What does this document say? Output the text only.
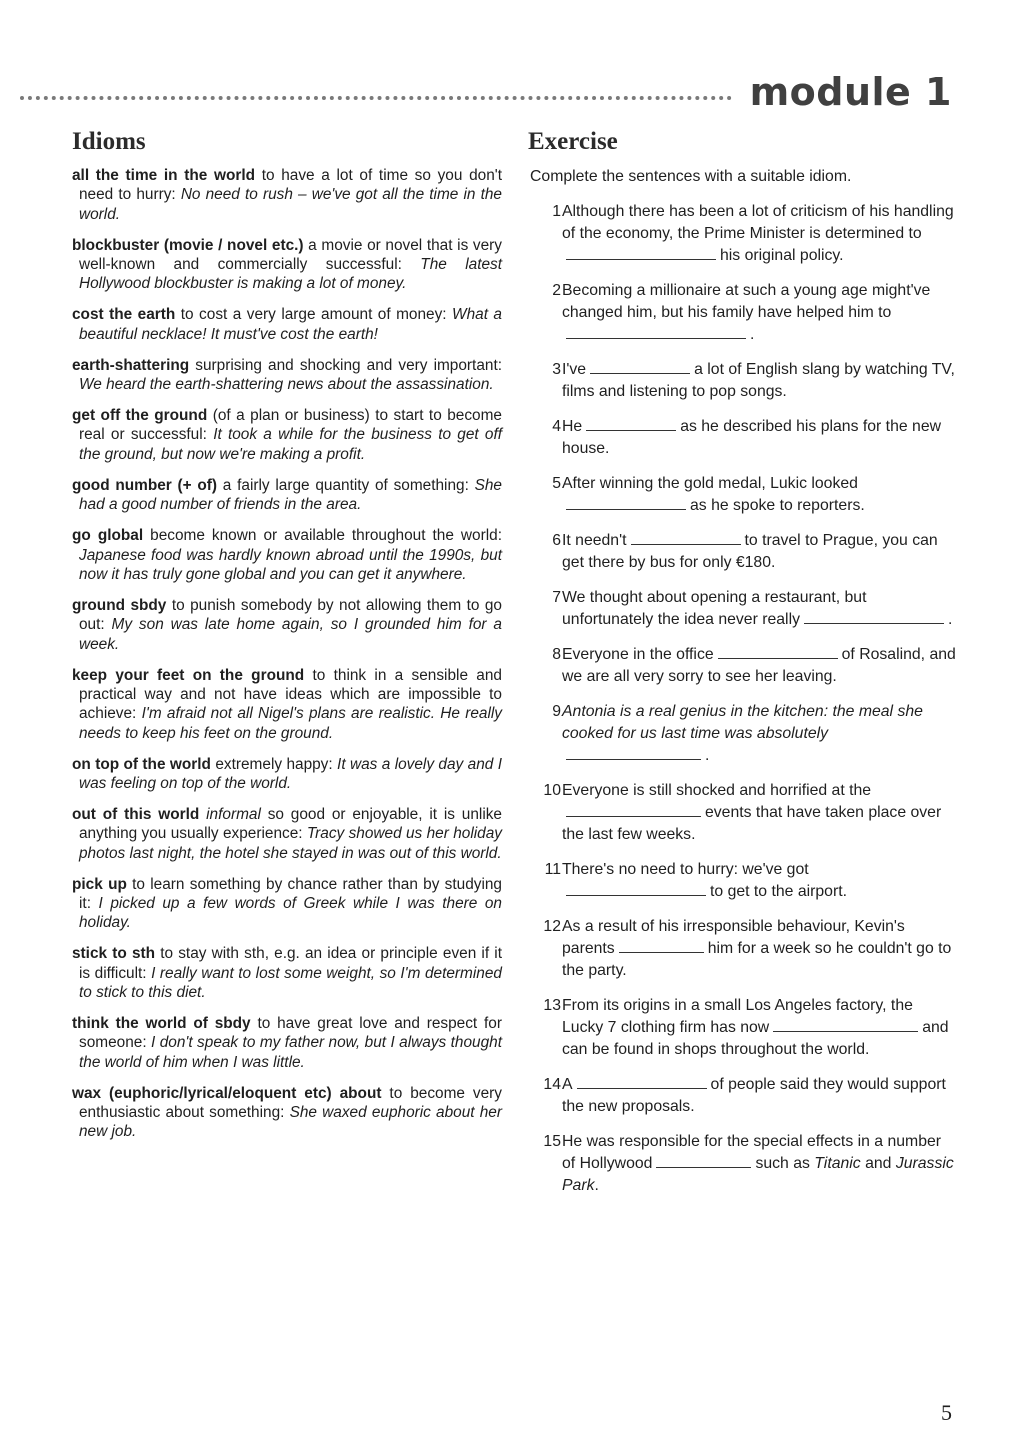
module 1
Idioms
all the time in the world to have a lot of time so you don't need to hurry: No need to rush – we've got all the time in the world.
blockbuster (movie / novel etc.) a movie or novel that is very well-known and commercially successful: The latest Hollywood blockbuster is making a lot of money.
cost the earth to cost a very large amount of money: What a beautiful necklace! It must've cost the earth!
earth-shattering surprising and shocking and very important: We heard the earth-shattering news about the assassination.
get off the ground (of a plan or business) to start to become real or successful: It took a while for the business to get off the ground, but now we're making a profit.
good number (+ of) a fairly large quantity of something: She had a good number of friends in the area.
go global become known or available throughout the world: Japanese food was hardly known abroad until the 1990s, but now it has truly gone global and you can get it anywhere.
ground sbdy to punish somebody by not allowing them to go out: My son was late home again, so I grounded him for a week.
keep your feet on the ground to think in a sensible and practical way and not have ideas which are impossible to achieve: I'm afraid not all Nigel's plans are realistic. He really needs to keep his feet on the ground.
on top of the world extremely happy: It was a lovely day and I was feeling on top of the world.
out of this world informal so good or enjoyable, it is unlike anything you usually experience: Tracy showed us her holiday photos last night, the hotel she stayed in was out of this world.
pick up to learn something by chance rather than by studying it: I picked up a few words of Greek while I was there on holiday.
stick to sth to stay with sth, e.g. an idea or principle even if it is difficult: I really want to lost some weight, so I'm determined to stick to this diet.
think the world of sbdy to have great love and respect for someone: I don't speak to my father now, but I always thought the world of him when I was little.
wax (euphoric/lyrical/eloquent etc) about to become very enthusiastic about something: She waxed euphoric about her new job.
Exercise
Complete the sentences with a suitable idiom.
1 Although there has been a lot of criticism of his handling of the economy, the Prime Minister is determined tohis original policy.
2 Becoming a millionaire at such a young age might've changed him, but his family have helped him to.
3 I've	a lot of English slang by watching TV, films and listening to pop songs.
4 He	as he described his plans for the new house.
5 After winning the gold medal, Lukic lookedas he spoke to reporters.
6 It needn't	to travel to Prague, you can get there by bus for only €180.
7 We thought about opening a restaurant, but unfortunately the idea never really	.
8 Everyone in the office	of Rosalind, and we are all very sorry to see her leaving.
9 Antonia is a real genius in the kitchen: the meal she cooked for us last time was absolutely.
10 Everyone is still shocked and horrified at theevents that have taken place over the last few weeks.
11 There's no need to hurry: we've gotto get to the airport.
12 As a result of his irresponsible behaviour, Kevin's parents	him for a week so he couldn't go to the party.
13 From its origins in a small Los Angeles factory, the Lucky 7 clothing firm has now	and can be found in shops throughout the world.
14 A	of people said they would support the new proposals.
15 He was responsible for the special effects in a number of Hollywood	such as Titanic and Jurassic Park.
5
